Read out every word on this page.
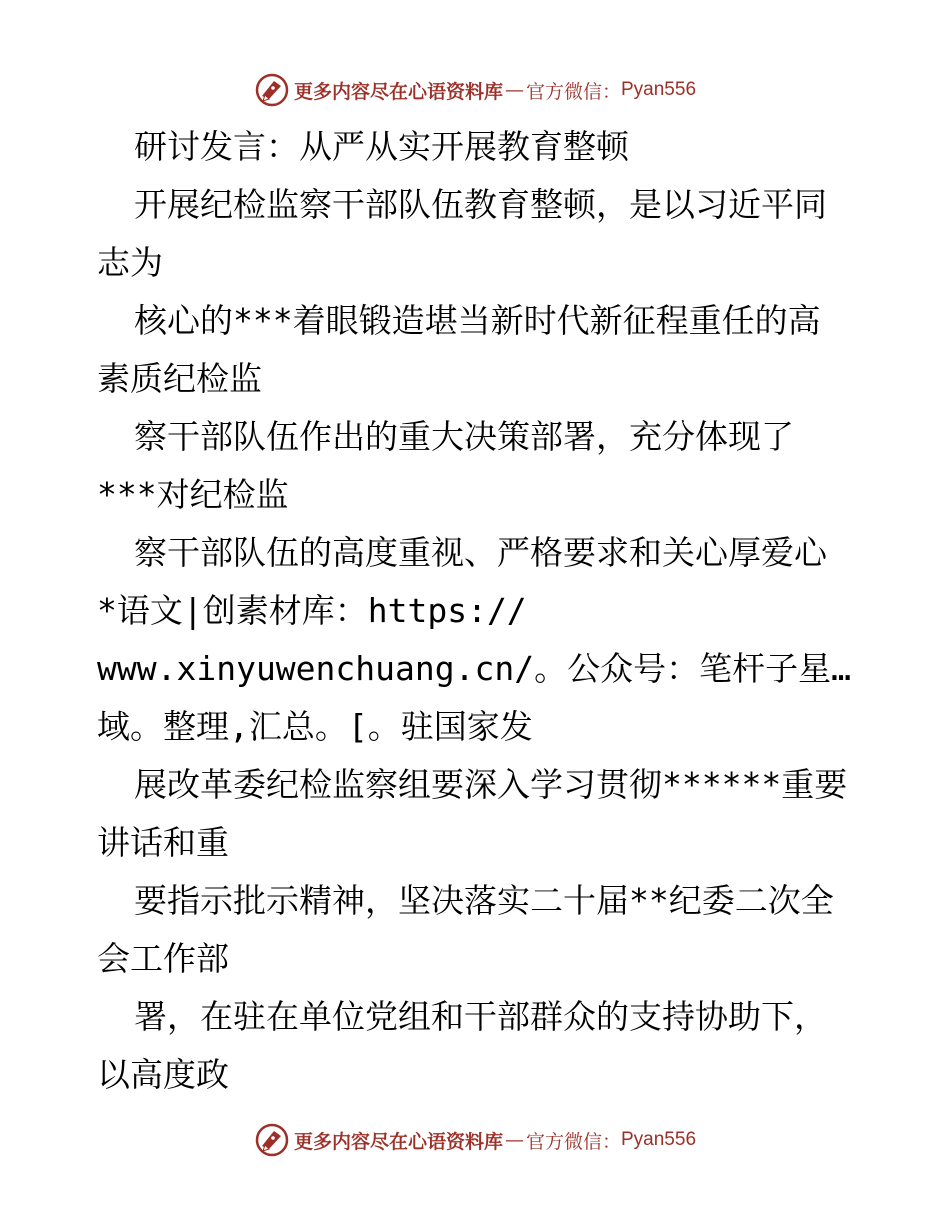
更多内容尽在心语资料库 — 官方微信： Pyan556
研讨发言：从严从实开展教育整顿
开展纪检监察干部队伍教育整顿，是以习近平同
志为
核心的***着眼锻造堪当新时代新征程重任的高
素质纪检监
察干部队伍作出的重大决策部署，充分体现了
***对纪检监
察干部队伍的高度重视、严格要求和关心厚爱心
*语文|创素材库：https://
www.xinyuwenchuang.cn/。公众号：笔杆子星…
域。整理,汇总。[。驻国家发
展改革委纪检监察组要深入学习贯彻******重要
讲话和重
要指示批示精神，坚决落实二十届**纪委二次全
会工作部
署，在驻在单位党组和干部群众的支持协助下，
以高度政
更多内容尽在心语资料库 — 官方微信： Pyan556
